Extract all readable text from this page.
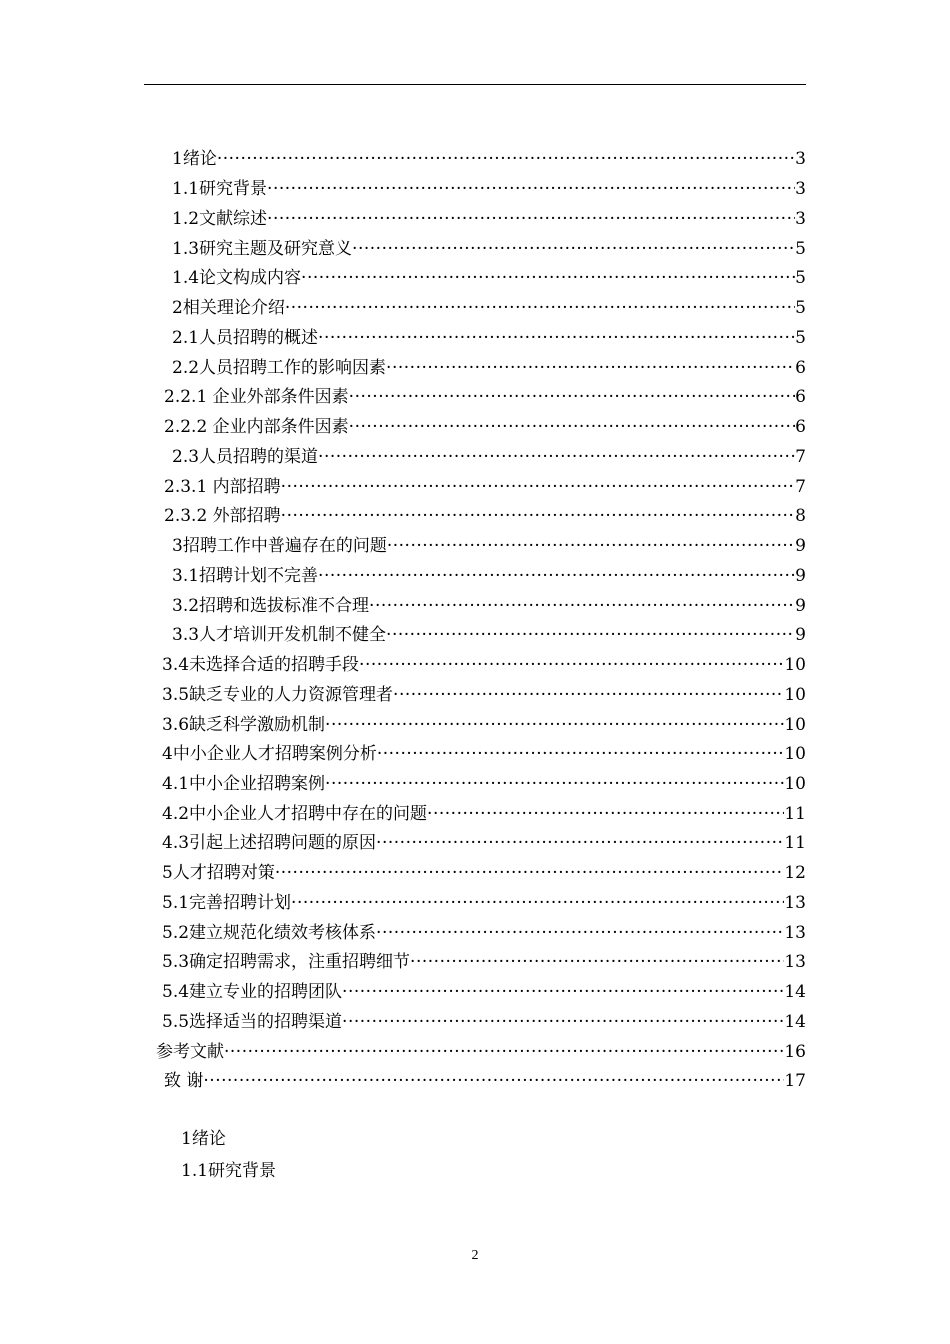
1绪论 ·····	3
1.1研究背景 ·····	3
1.2文献综述 ·····	3
1.3研究主题及研究意义 ·····	5
1.4论文构成内容 ·····	5
2相关理论介绍 ·····	5
2.1人员招聘的概述 ·····	5
2.2人员招聘工作的影响因素 ·····	6
2.2.1 企业外部条件因素 ·····	6
2.2.2 企业内部条件因素 ·····	6
2.3人员招聘的渠道 ·····	7
2.3.1 内部招聘 ·····	7
2.3.2 外部招聘 ·····	8
3招聘工作中普遍存在的问题 ·····	9
3.1招聘计划不完善 ·····	9
3.2招聘和选拔标准不合理 ·····	9
3.3人才培训开发机制不健全 ·····	9
3.4未选择合适的招聘手段 ·····	10
3.5缺乏专业的人力资源管理者 ·····	10
3.6缺乏科学激励机制 ·····	10
4中小企业人才招聘案例分析 ·····	10
4.1中小企业招聘案例 ·····	10
4.2中小企业人才招聘中存在的问题 ·····	11
4.3引起上述招聘问题的原因 ·····	11
5人才招聘对策 ·····	12
5.1完善招聘计划 ·····	13
5.2建立规范化绩效考核体系 ·····	13
5.3确定招聘需求，注重招聘细节 ·····	13
5.4建立专业的招聘团队 ·····	14
5.5选择适当的招聘渠道 ·····	14
参考文献 ·····	16
致 谢 ·····	17
1绪论
1.1研究背景
2
